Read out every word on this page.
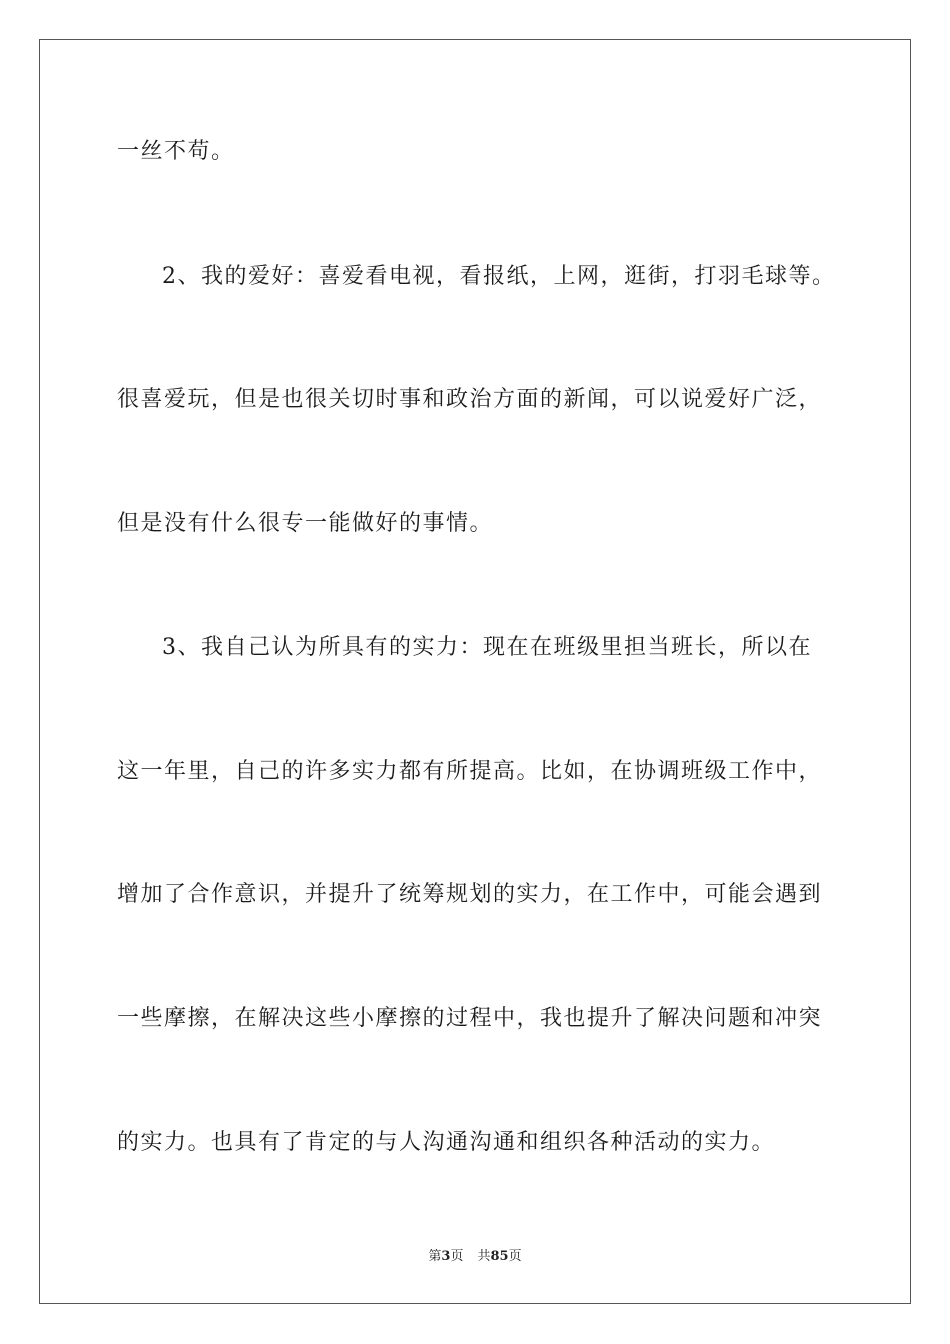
一丝不苟。
2、我的爱好：喜爱看电视，看报纸，上网，逛街，打羽毛球等。
很喜爱玩，但是也很关切时事和政治方面的新闻，可以说爱好广泛，
但是没有什么很专一能做好的事情。
3、我自己认为所具有的实力：现在在班级里担当班长，所以在
这一年里，自己的许多实力都有所提高。比如，在协调班级工作中，
增加了合作意识，并提升了统筹规划的实力，在工作中，可能会遇到
一些摩擦，在解决这些小摩擦的过程中，我也提升了解决问题和冲突
的实力。也具有了肯定的与人沟通沟通和组织各种活动的实力。
第3页 共85页
